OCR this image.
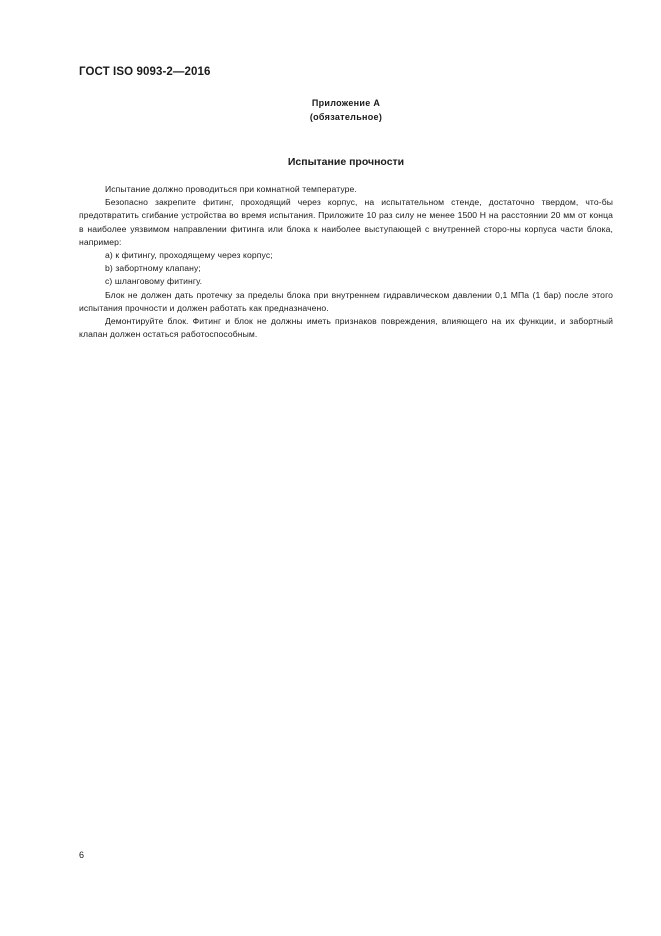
ГОСТ ISO 9093-2—2016
Приложение А
(обязательное)
Испытание прочности

Испытание должно проводиться при комнатной температуре.

Безопасно закрепите фитинг, проходящий через корпус, на испытательном стенде, достаточно твердом, что-бы предотвратить сгибание устройства во время испытания. Приложите 10 раз силу не менее 1500 Н на расстоянии 20 мм от конца в наиболее уязвимом направлении фитинга или блока к наиболее выступающей с внутренней сторо-ны корпуса части блока, например:

a) к фитингу, проходящему через корпус;

b) забортному клапану;

c) шланговому фитингу.

Блок не должен дать протечку за пределы блока при внутреннем гидравлическом давлении 0,1 МПа (1 бар) после этого испытания прочности и должен работать как предназначено.

Демонтируйте блок. Фитинг и блок не должны иметь признаков повреждения, влияющего на их функции, и забортный клапан должен остаться работоспособным.

6
